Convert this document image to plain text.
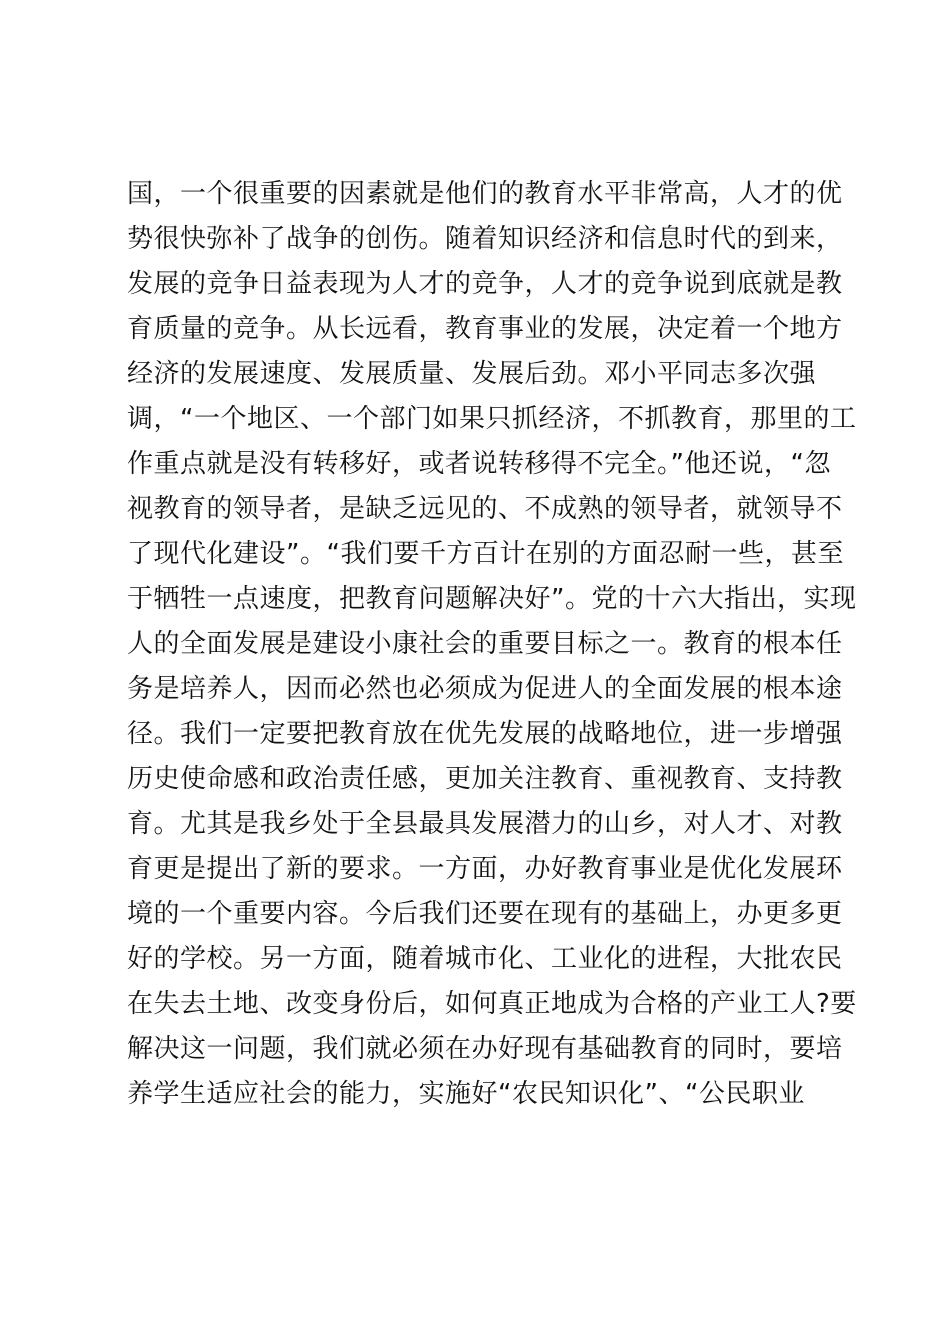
国，一个很重要的因素就是他们的教育水平非常高，人才的优
势很快弥补了战争的创伤。随着知识经济和信息时代的到来，
发展的竞争日益表现为人才的竞争，人才的竞争说到底就是教
育质量的竞争。从长远看，教育事业的发展，决定着一个地方
经济的发展速度、发展质量、发展后劲。邓小平同志多次强
调，“一个地区、一个部门如果只抓经济，不抓教育，那里的工
作重点就是没有转移好，或者说转移得不完全。”他还说，“忽
视教育的领导者，是缺乏远见的、不成熟的领导者，就领导不
了现代化建设”。“我们要千方百计在别的方面忍耐一些，甚至
于牺牲一点速度，把教育问题解决好”。党的十六大指出，实现
人的全面发展是建设小康社会的重要目标之一。教育的根本任
务是培养人，因而必然也必须成为促进人的全面发展的根本途
径。我们一定要把教育放在优先发展的战略地位，进一步增强
历史使命感和政治责任感，更加关注教育、重视教育、支持教
育。尤其是我乡处于全县最具发展潜力的山乡，对人才、对教
育更是提出了新的要求。一方面，办好教育事业是优化发展环
境的一个重要内容。今后我们还要在现有的基础上，办更多更
好的学校。另一方面，随着城市化、工业化的进程，大批农民
在失去土地、改变身份后，如何真正地成为合格的产业工人?要
解决这一问题，我们就必须在办好现有基础教育的同时，要培
养学生适应社会的能力，实施好“农民知识化”、“公民职业
